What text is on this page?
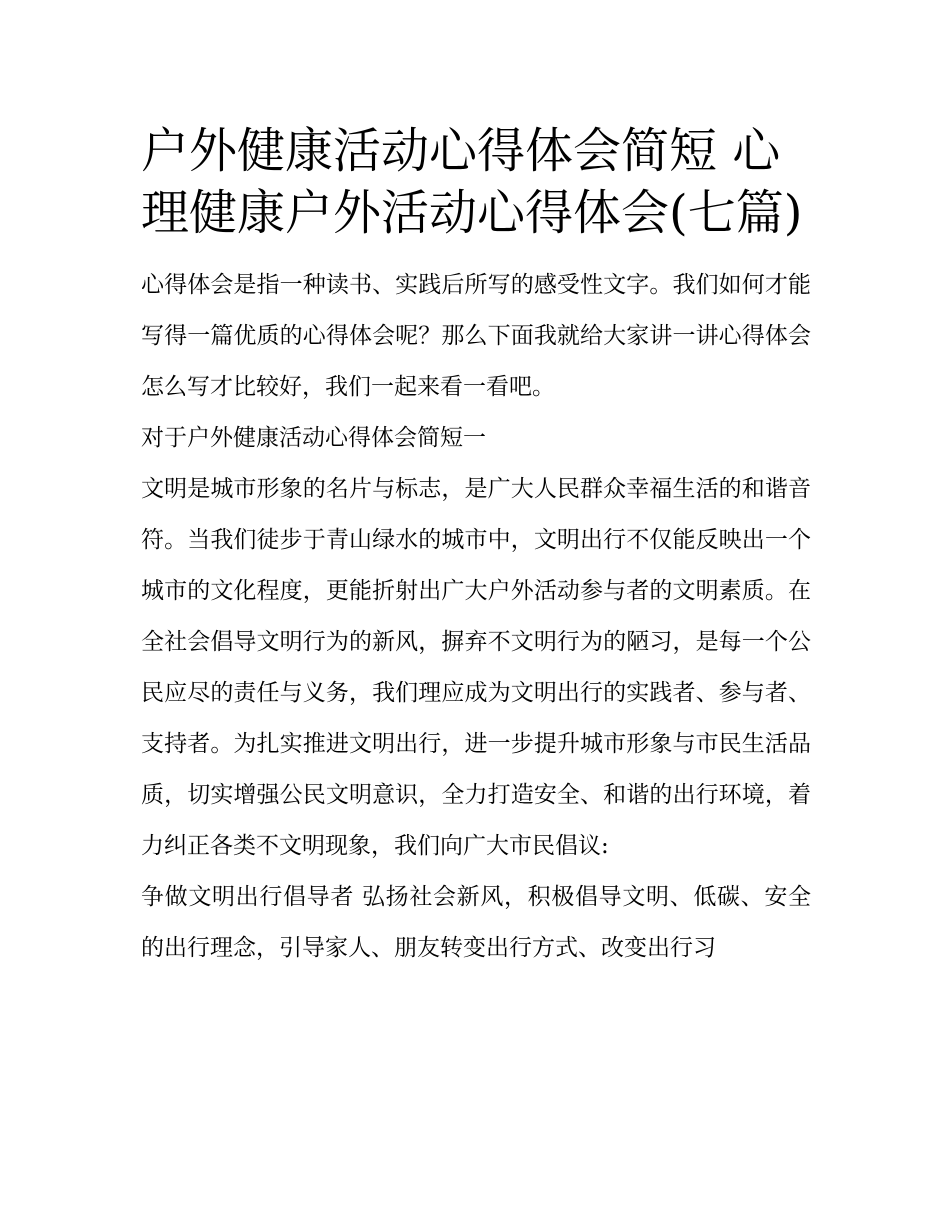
户外健康活动心得体会简短 心理健康户外活动心得体会(七篇)

心得体会是指一种读书、实践后所写的感受性文字。我们如何才能写得一篇优质的心得体会呢？那么下面我就给大家讲一讲心得体会怎么写才比较好，我们一起来看一看吧。

对于户外健康活动心得体会简短一

文明是城市形象的名片与标志，是广大人民群众幸福生活的和谐音符。当我们徒步于青山绿水的城市中，文明出行不仅能反映出一个城市的文化程度，更能折射出广大户外活动参与者的文明素质。在全社会倡导文明行为的新风，摒弃不文明行为的陋习，是每一个公民应尽的责任与义务，我们理应成为文明出行的实践者、参与者、支持者。为扎实推进文明出行，进一步提升城市形象与市民生活品质，切实增强公民文明意识，全力打造安全、和谐的出行环境，着力纠正各类不文明现象，我们向广大市民倡议:

争做文明出行倡导者 弘扬社会新风，积极倡导文明、低碳、安全的出行理念，引导家人、朋友转变出行方式、改变出行习
